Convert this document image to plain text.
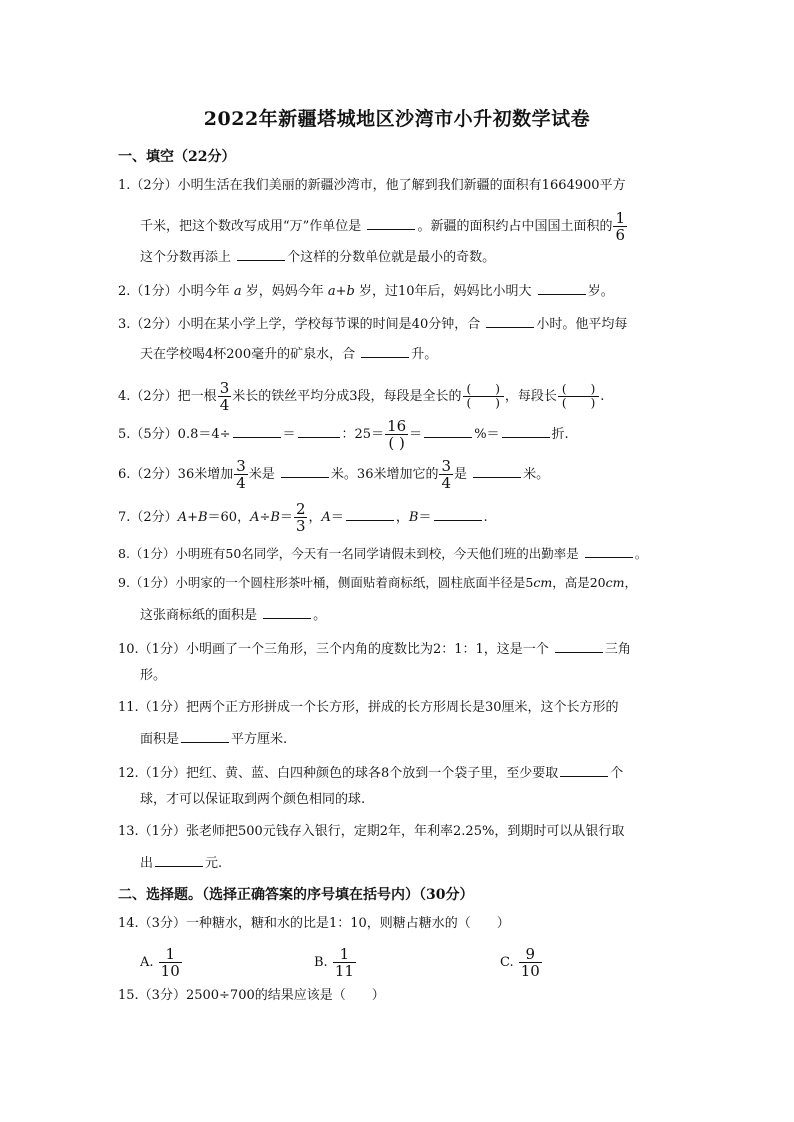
2022年新疆塔城地区沙湾市小升初数学试卷
一、填空（22分）
1.（2分）小明生活在我们美丽的新疆沙湾市，他了解到我们新疆的面积有1664900平方
千米，把这个数改写成用“万”作单位是	。新疆的面积约占中国国土面积的 $\frac{1}{6}$
这个分数再添上	个这样的分数单位就是最小的奇数。
2.（1分）小明今年 a 岁，妈妈今年 a+b 岁，过10年后，妈妈比小明大	岁。
3.（2分）小明在某小学上学，学校每节课的时间是40分钟，合	小时。他平均每
天在学校喝4杯200毫升的矿泉水，合	升。
4.（2分）把一根 $\frac{3}{4}$ 米长的铁丝平均分成3段，每段是全长的 $\frac{( )}{( )}$ ，每段长 $\frac{( )}{( )}$ .
5.（5分）0.8＝4÷	＝	：$25= \frac{16}{( )}$ ＝	%＝	折.
6.（2分）36米增加 $\frac{3}{4}$ 米是	米。36米增加它的 $\frac{3}{4}$ 是	米。
7.（2分）A+B＝60，$A\div B= \frac{2}{3}$ ，A＝	，B＝	.
8.（1分）小明班有50名同学，今天有一名同学请假未到校，今天他们班的出勤率是	。
9.（1分）小明家的一个圆柱形茶叶桶，侧面贴着商标纸，圆柱底面半径是5cm，高是20cm，
这张商标纸的面积是	。
10.（1分）小明画了一个三角形，三个内角的度数比为2：1：1，这是一个	三角
形。
11.（1分）把两个正方形拼成一个长方形，拼成的长方形周长是30厘米，这个长方形的
面积是	平方厘米.
12.（1分）把红、黄、蓝、白四种颜色的球各8个放到一个袋子里，至少要取	个
球，才可以保证取到两个颜色相同的球.
13.（1分）张老师把500元钱存入银行，定期2年，年利率2.25%，到期时可以从银行取
出	元.
二、选择题。（选择正确答案的序号填在括号内）（30分）
14.（3分）一种糖水，糖和水的比是1：10，则糖占糖水的（　　）
A. $\frac{1}{10}$	B. $\frac{1}{11}$	C. $\frac{9}{10}$
15.（3分）2500÷700的结果应该是（　　）
